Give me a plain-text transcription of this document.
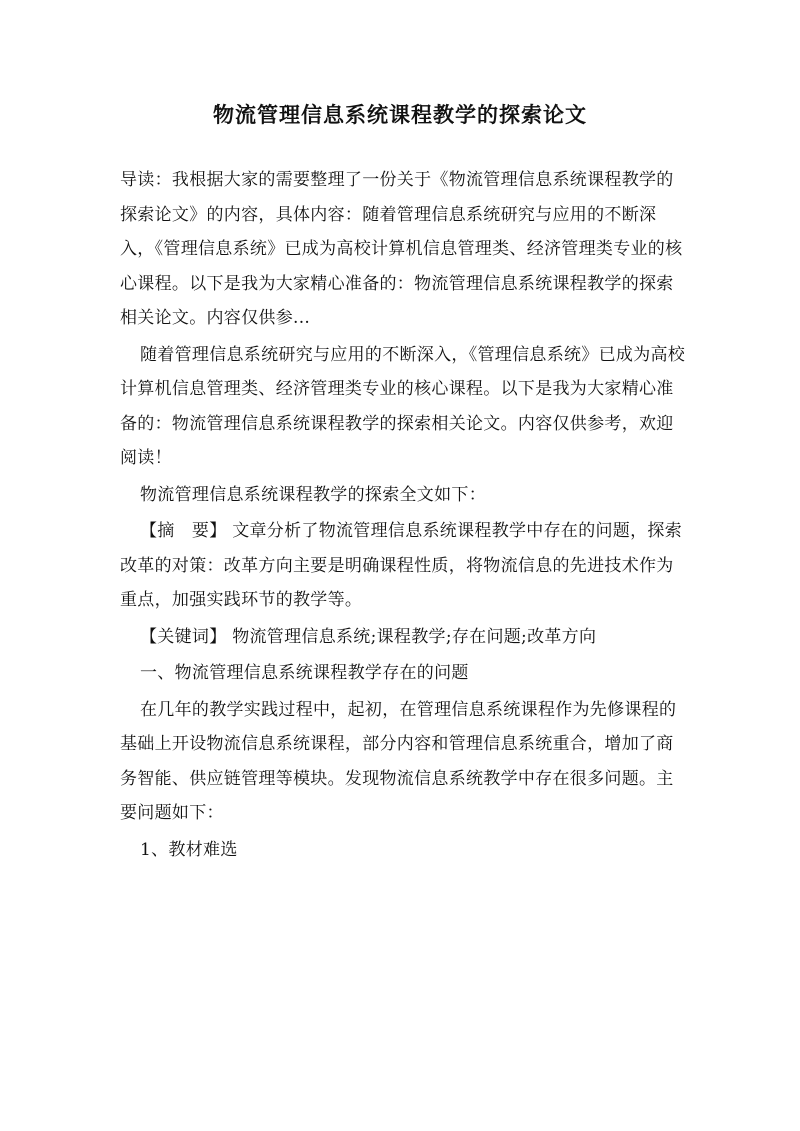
物流管理信息系统课程教学的探索论文

导读：我根据大家的需要整理了一份关于《物流管理信息系统课程教学的探索论文》的内容，具体内容：随着管理信息系统研究与应用的不断深入，《管理信息系统》已成为高校计算机信息管理类、经济管理类专业的核心课程。以下是我为大家精心准备的：物流管理信息系统课程教学的探索相关论文。内容仅供参...

随着管理信息系统研究与应用的不断深入，《管理信息系统》已成为高校计算机信息管理类、经济管理类专业的核心课程。以下是我为大家精心准备的：物流管理信息系统课程教学的探索相关论文。内容仅供参考，欢迎阅读！

物流管理信息系统课程教学的探索全文如下：

【摘　要】 文章分析了物流管理信息系统课程教学中存在的问题，探索改革的对策：改革方向主要是明确课程性质，将物流信息的先进技术作为重点，加强实践环节的教学等。

【关键词】 物流管理信息系统;课程教学;存在问题;改革方向

一、物流管理信息系统课程教学存在的问题

在几年的教学实践过程中，起初，在管理信息系统课程作为先修课程的基础上开设物流信息系统课程，部分内容和管理信息系统重合，增加了商务智能、供应链管理等模块。发现物流信息系统教学中存在很多问题。主要问题如下：

1、教材难选
